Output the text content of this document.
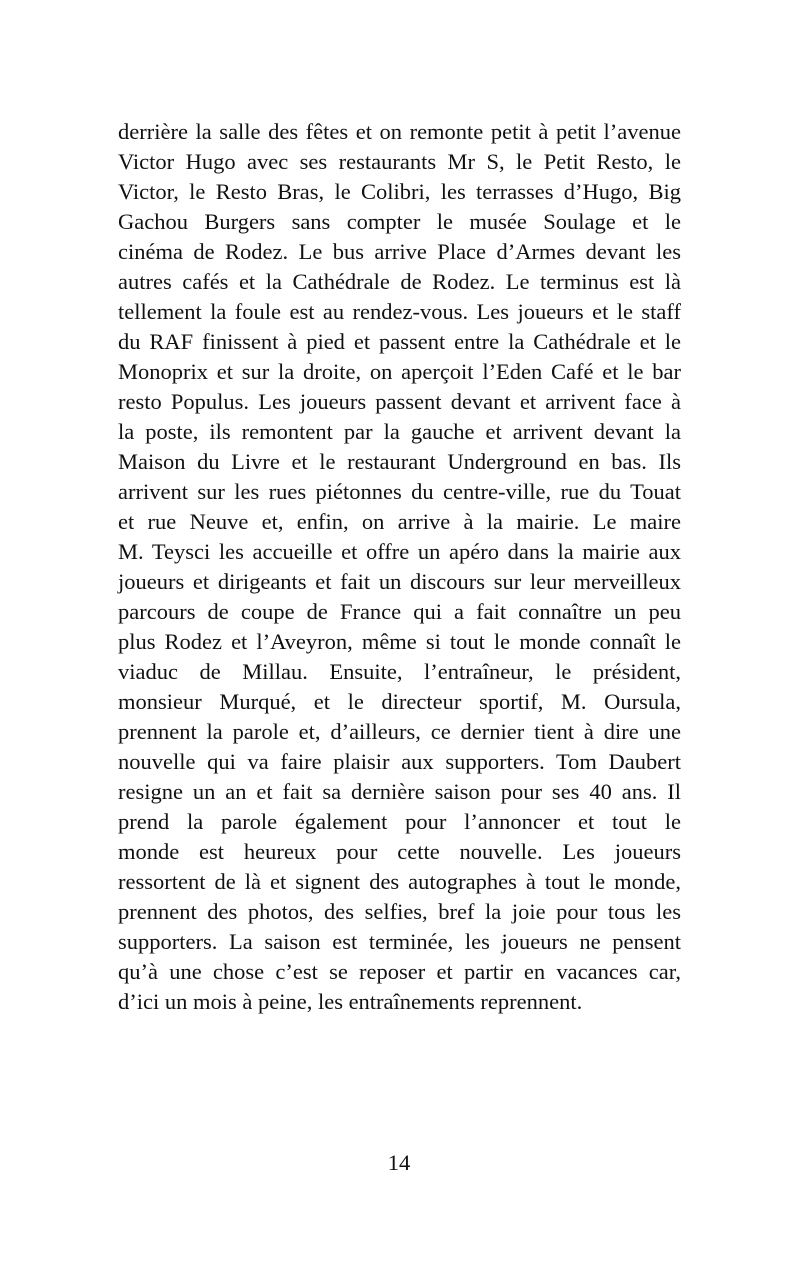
derrière la salle des fêtes et on remonte petit à petit l’avenue
Victor Hugo avec ses restaurants Mr S, le Petit Resto, le
Victor, le Resto Bras, le Colibri, les terrasses d’Hugo, Big
Gachou Burgers sans compter le musée Soulage et le
cinéma de Rodez. Le bus arrive Place d’Armes devant les
autres cafés et la Cathédrale de Rodez. Le terminus est là
tellement la foule est au rendez-vous. Les joueurs et le staff
du RAF finissent à pied et passent entre la Cathédrale et le
Monoprix et sur la droite, on aperçoit l’Eden Café et le bar
resto Populus. Les joueurs passent devant et arrivent face à
la poste, ils remontent par la gauche et arrivent devant la
Maison du Livre et le restaurant Underground en bas. Ils
arrivent sur les rues piétonnes du centre-ville, rue du Touat
et rue Neuve et, enfin, on arrive à la mairie. Le maire
M. Teysci les accueille et offre un apéro dans la mairie aux
joueurs et dirigeants et fait un discours sur leur merveilleux
parcours de coupe de France qui a fait connaître un peu
plus Rodez et l’Aveyron, même si tout le monde connaît le
viaduc de Millau. Ensuite, l’entraîneur, le président,
monsieur Murqué, et le directeur sportif, M. Oursula,
prennent la parole et, d’ailleurs, ce dernier tient à dire une
nouvelle qui va faire plaisir aux supporters. Tom Daubert
resigne un an et fait sa dernière saison pour ses 40 ans. Il
prend la parole également pour l’annoncer et tout le
monde est heureux pour cette nouvelle. Les joueurs
ressortent de là et signent des autographes à tout le monde,
prennent des photos, des selfies, bref la joie pour tous les
supporters. La saison est terminée, les joueurs ne pensent
qu’à une chose c’est se reposer et partir en vacances car,
d’ici un mois à peine, les entraînements reprennent.
14
